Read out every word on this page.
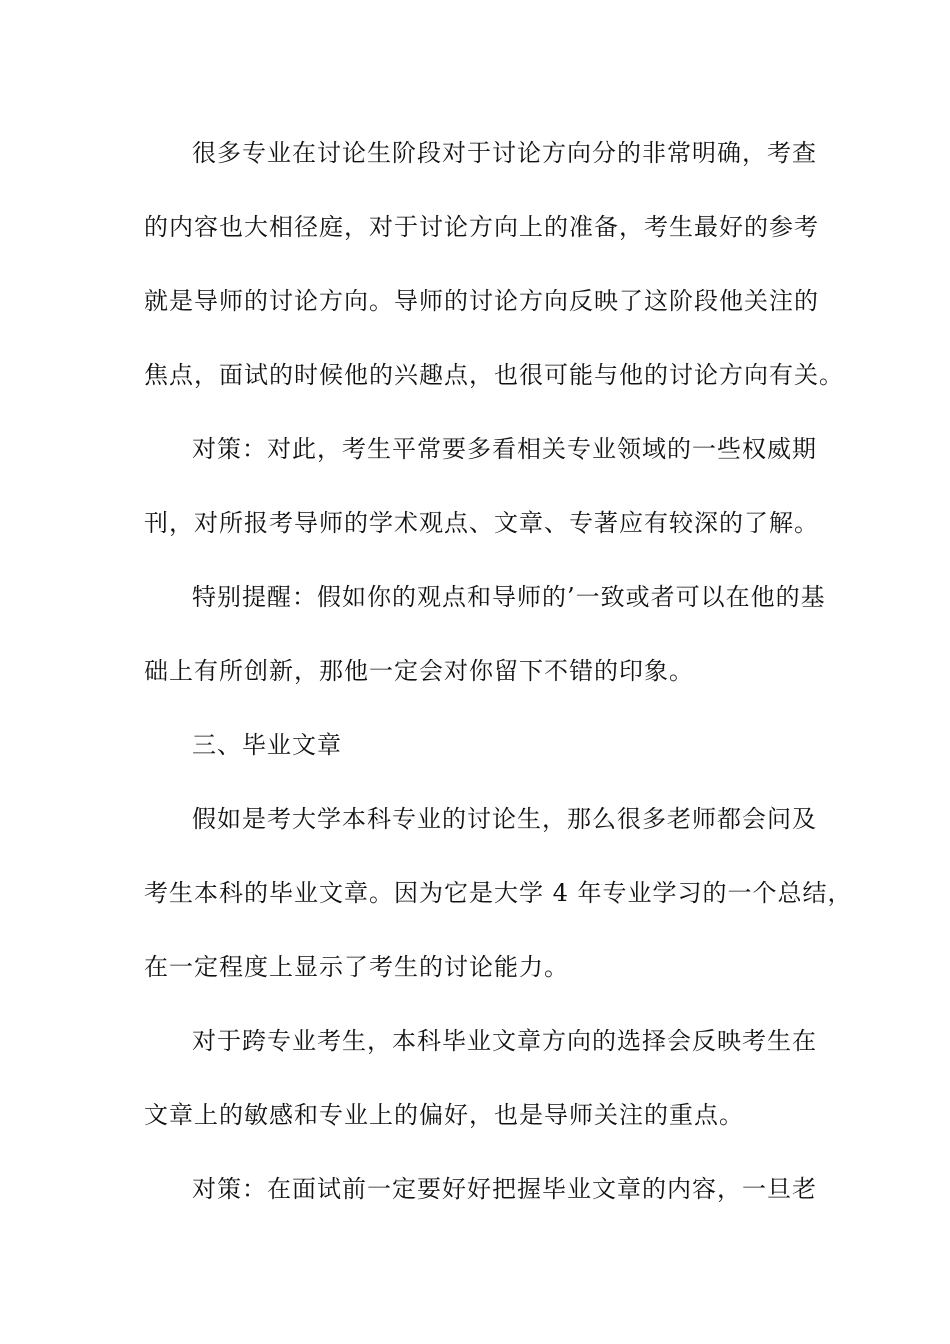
很多专业在讨论生阶段对于讨论方向分的非常明确，考查
的内容也大相径庭，对于讨论方向上的准备，考生最好的参考
就是导师的讨论方向。导师的讨论方向反映了这阶段他关注的
焦点，面试的时候他的兴趣点，也很可能与他的讨论方向有关。
对策：对此，考生平常要多看相关专业领域的一些权威期
刊，对所报考导师的学术观点、文章、专著应有较深的了解。
特别提醒：假如你的观点和导师的’一致或者可以在他的基
础上有所创新，那他一定会对你留下不错的印象。
三、毕业文章
假如是考大学本科专业的讨论生，那么很多老师都会问及
考生本科的毕业文章。因为它是大学 4 年专业学习的一个总结，
在一定程度上显示了考生的讨论能力。
对于跨专业考生，本科毕业文章方向的选择会反映考生在
文章上的敏感和专业上的偏好，也是导师关注的重点。
对策：在面试前一定要好好把握毕业文章的内容，一旦老
